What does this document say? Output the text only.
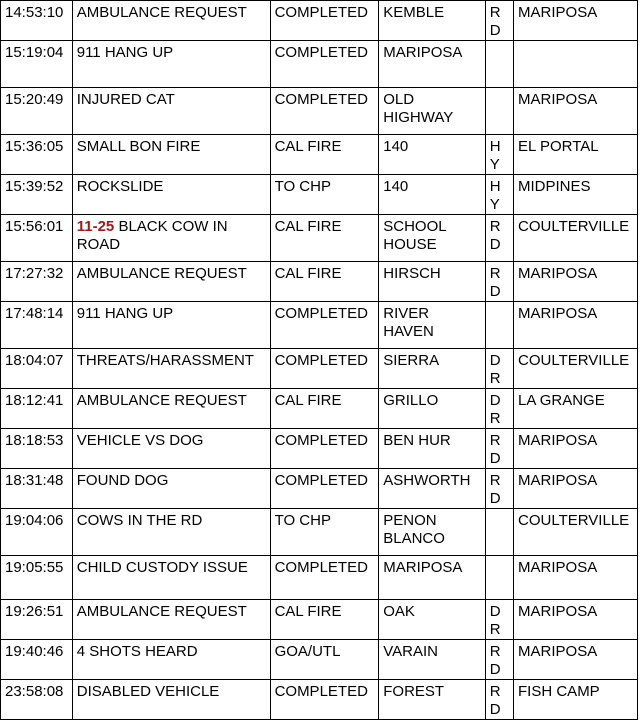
14:53:10	AMBULANCE REQUEST	COMPLETED	KEMBLE	RD	MARIPOSA
15:19:04	911 HANG UP	COMPLETED	MARIPOSA		
15:20:49	INJURED CAT	COMPLETED	OLD HIGHWAY		MARIPOSA
15:36:05	SMALL BON FIRE	CAL FIRE	140	HY	EL PORTAL
15:39:52	ROCKSLIDE	TO CHP	140	HY	MIDPINES
15:56:01	11-25 BLACK COW IN ROAD	CAL FIRE	SCHOOL HOUSE	RD	COULTERVILLE
17:27:32	AMBULANCE REQUEST	CAL FIRE	HIRSCH	RD	MARIPOSA
17:48:14	911 HANG UP	COMPLETED	RIVER HAVEN		MARIPOSA
18:04:07	THREATS/HARASSMENT	COMPLETED	SIERRA	DR	COULTERVILLE
18:12:41	AMBULANCE REQUEST	CAL FIRE	GRILLO	DR	LA GRANGE
18:18:53	VEHICLE VS DOG	COMPLETED	BEN HUR	RD	MARIPOSA
18:31:48	FOUND DOG	COMPLETED	ASHWORTH	RD	MARIPOSA
19:04:06	COWS IN THE RD	TO CHP	PENON BLANCO		COULTERVILLE
19:05:55	CHILD CUSTODY ISSUE	COMPLETED	MARIPOSA		MARIPOSA
19:26:51	AMBULANCE REQUEST	CAL FIRE	OAK	DR	MARIPOSA
19:40:46	4 SHOTS HEARD	GOA/UTL	VARAIN	RD	MARIPOSA
23:58:08	DISABLED VEHICLE	COMPLETED	FOREST	RD	FISH CAMP
